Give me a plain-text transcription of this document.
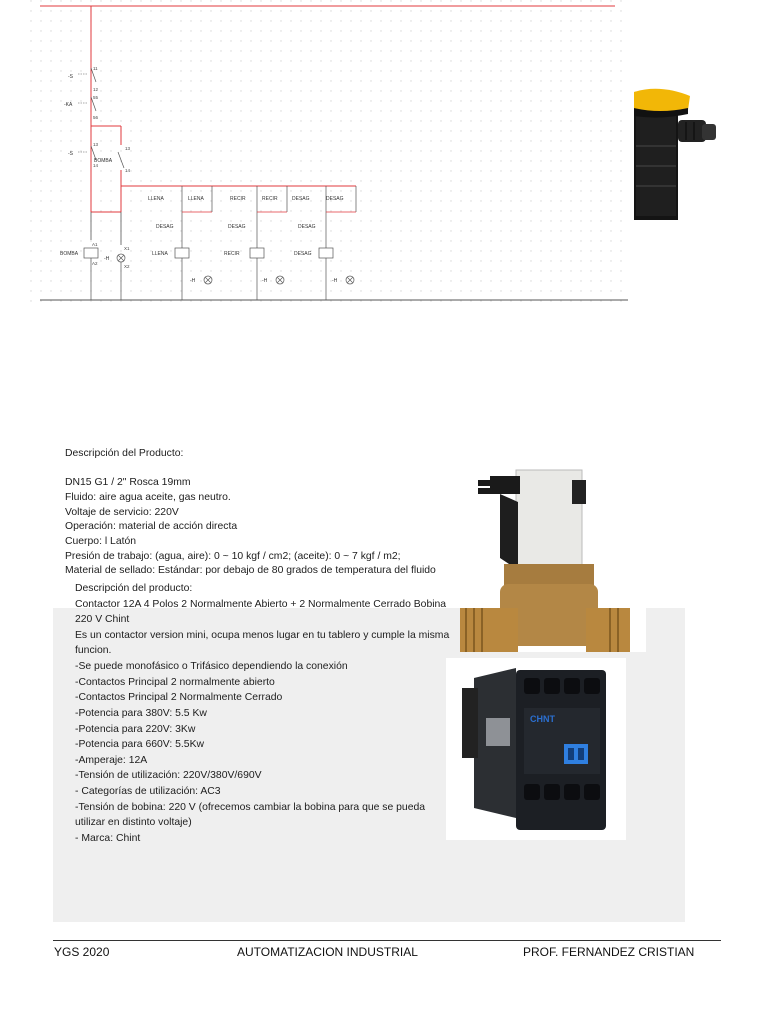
-S
11
12
-KA
55
56
-S
13
14
BOMBA
13
14
LLENA	LLENA
DESAG
LLENA
-H
RECIR	RECIR
DESAG
RECIR
-H
DESAG	DESAG
DESAG
DESAG
-H
BOMBA
A1
A2
-H
X1
X2
Descripción del Producto:
DN15 G1 / 2" Rosca 19mm
Fluido: aire agua aceite, gas neutro.
Voltaje de servicio: 220V
Operación: material de acción directa
Cuerpo: l Latón
Presión de trabajo: (agua, aire): 0 ~ 10 kgf / cm2; (aceite): 0 ~ 7 kgf / m2;
Material de sellado: Estándar: por debajo de 80 grados de temperatura del fluido
Descripción del producto:
Contactor 12A 4 Polos 2 Normalmente Abierto + 2 Normalmente Cerrado Bobina
220 V Chint
Es un contactor version mini, ocupa menos lugar en tu tablero y cumple la misma
funcion.
-Se puede monofásico o Trifásico dependiendo la conexión
-Contactos Principal 2 normalmente abierto
-Contactos Principal 2 Normalmente Cerrado
-Potencia para 380V: 5.5 Kw
-Potencia para 220V: 3Kw
-Potencia para 660V: 5.5Kw
-Amperaje: 12A
-Tensión de utilización: 220V/380V/690V
- Categorías de utilización: AC3
-Tensión de bobina: 220 V (ofrecemos cambiar la bobina para que se pueda
utilizar en distinto voltaje)
- Marca: Chint
CHNT
YGS 2020	AUTOMATIZACION INDUSTRIAL	PROF. FERNANDEZ CRISTIAN
